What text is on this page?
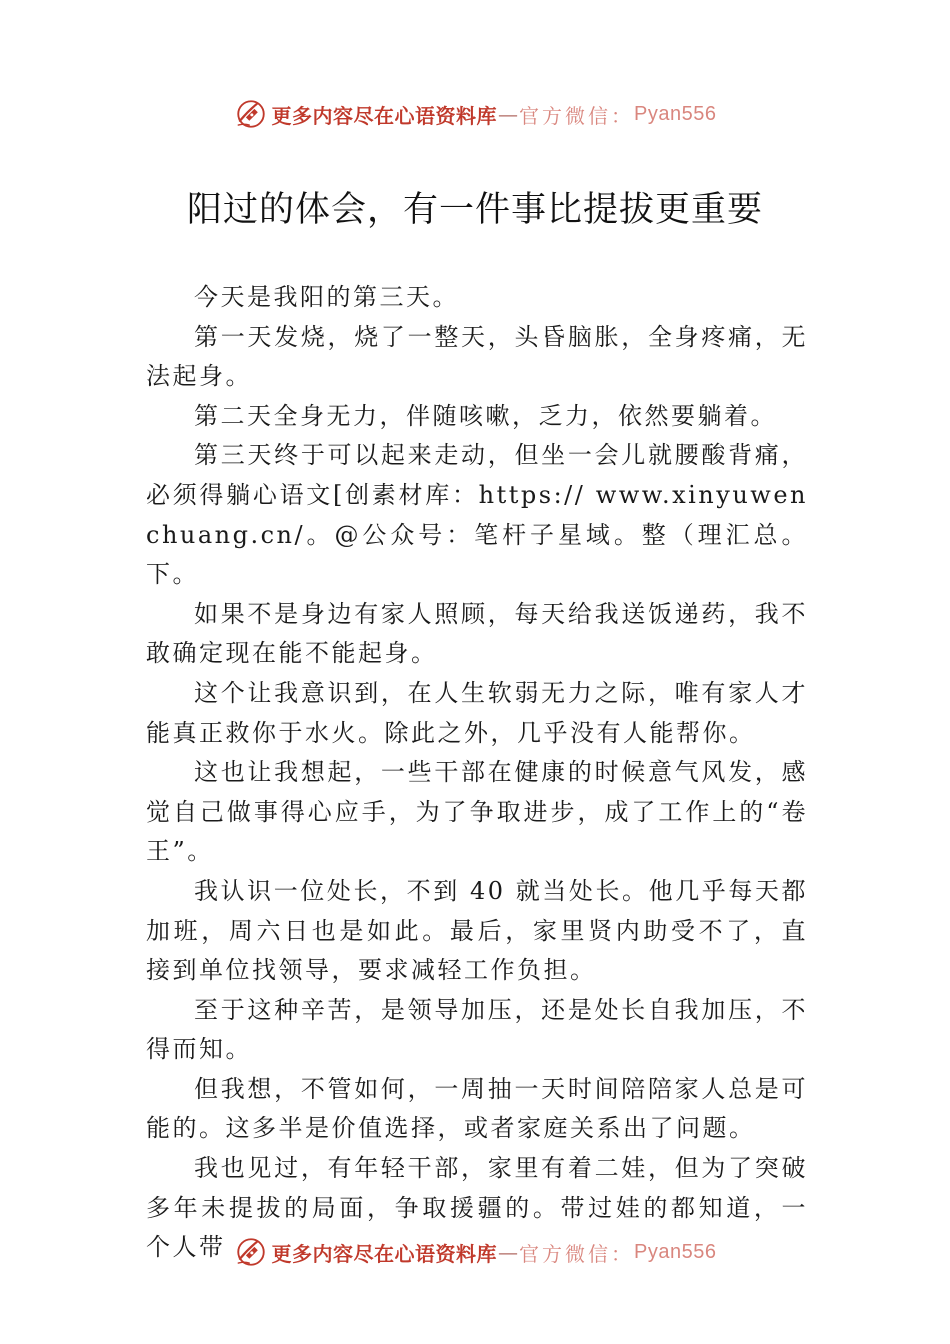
更多内容尽在心语资料库 — 官方微信： Pyan556
阳过的体会，有一件事比提拔更重要

今天是我阳的第三天。

第一天发烧，烧了一整天，头昏脑胀，全身疼痛，无法起身。

第二天全身无力，伴随咳嗽，乏力，依然要躺着。

第三天终于可以起来走动，但坐一会儿就腰酸背痛，必须得躺心语文[创素材库：https:// www.xinyuwenchuang.cn/。@公众号：笔杆子星域。整（理汇总。下。

如果不是身边有家人照顾，每天给我送饭递药，我不敢确定现在能不能起身。

这个让我意识到，在人生软弱无力之际，唯有家人才能真正救你于水火。除此之外，几乎没有人能帮你。

这也让我想起，一些干部在健康的时候意气风发，感觉自己做事得心应手，为了争取进步，成了工作上的“卷王”。

我认识一位处长，不到 40 就当处长。他几乎每天都加班，周六日也是如此。最后，家里贤内助受不了，直接到单位找领导，要求减轻工作负担。

至于这种辛苦，是领导加压，还是处长自我加压，不得而知。

但我想，不管如何，一周抽一天时间陪陪家人总是可能的。这多半是价值选择，或者家庭关系出了问题。

我也见过，有年轻干部，家里有着二娃，但为了突破多年未提拔的局面，争取援疆的。带过娃的都知道，一个人带	更多内容尽在心语资料库 — 官方微信： Pyan556
